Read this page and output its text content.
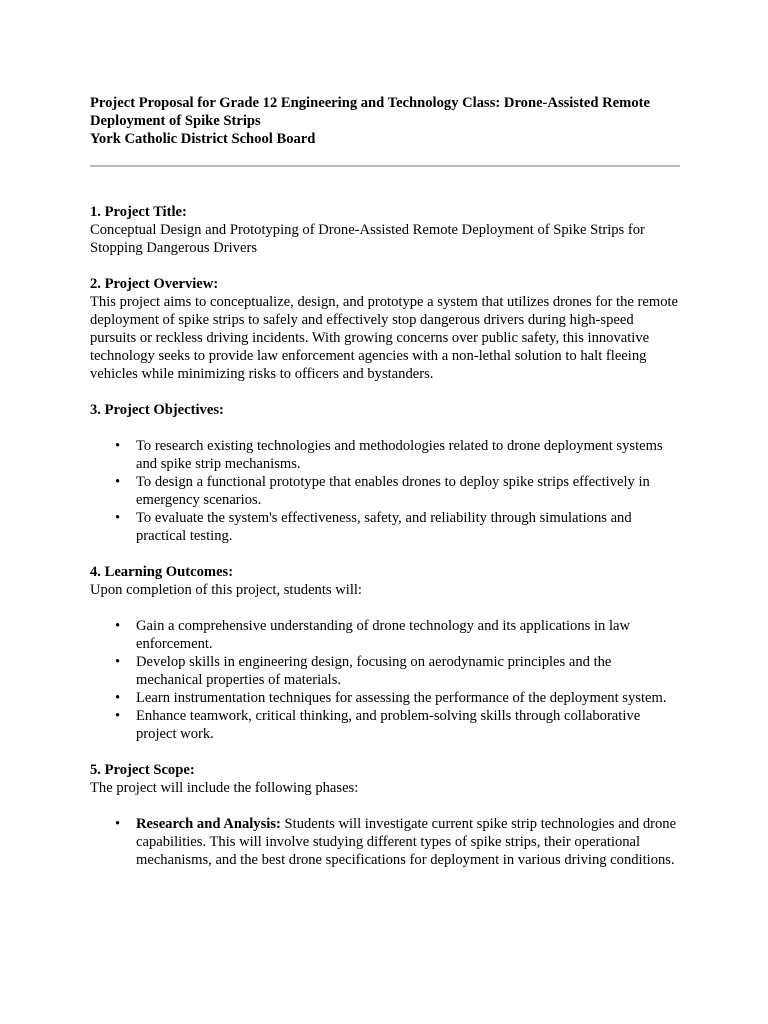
Project Proposal for Grade 12 Engineering and Technology Class: Drone-Assisted Remote Deployment of Spike Strips
York Catholic District School Board

1. Project Title:

Conceptual Design and Prototyping of Drone-Assisted Remote Deployment of Spike Strips for Stopping Dangerous Drivers

2. Project Overview:

This project aims to conceptualize, design, and prototype a system that utilizes drones for the remote deployment of spike strips to safely and effectively stop dangerous drivers during high-speed pursuits or reckless driving incidents. With growing concerns over public safety, this innovative technology seeks to provide law enforcement agencies with a non-lethal solution to halt fleeing vehicles while minimizing risks to officers and bystanders.

3. Project Objectives:

• To research existing technologies and methodologies related to drone deployment systems and spike strip mechanisms.
• To design a functional prototype that enables drones to deploy spike strips effectively in emergency scenarios.
• To evaluate the system's effectiveness, safety, and reliability through simulations and practical testing.

4. Learning Outcomes:

Upon completion of this project, students will:

• Gain a comprehensive understanding of drone technology and its applications in law enforcement.
• Develop skills in engineering design, focusing on aerodynamic principles and the mechanical properties of materials.
• Learn instrumentation techniques for assessing the performance of the deployment system.
• Enhance teamwork, critical thinking, and problem-solving skills through collaborative project work.

5. Project Scope:

The project will include the following phases:

• Research and Analysis: Students will investigate current spike strip technologies and drone capabilities. This will involve studying different types of spike strips, their operational mechanisms, and the best drone specifications for deployment in various driving conditions.
